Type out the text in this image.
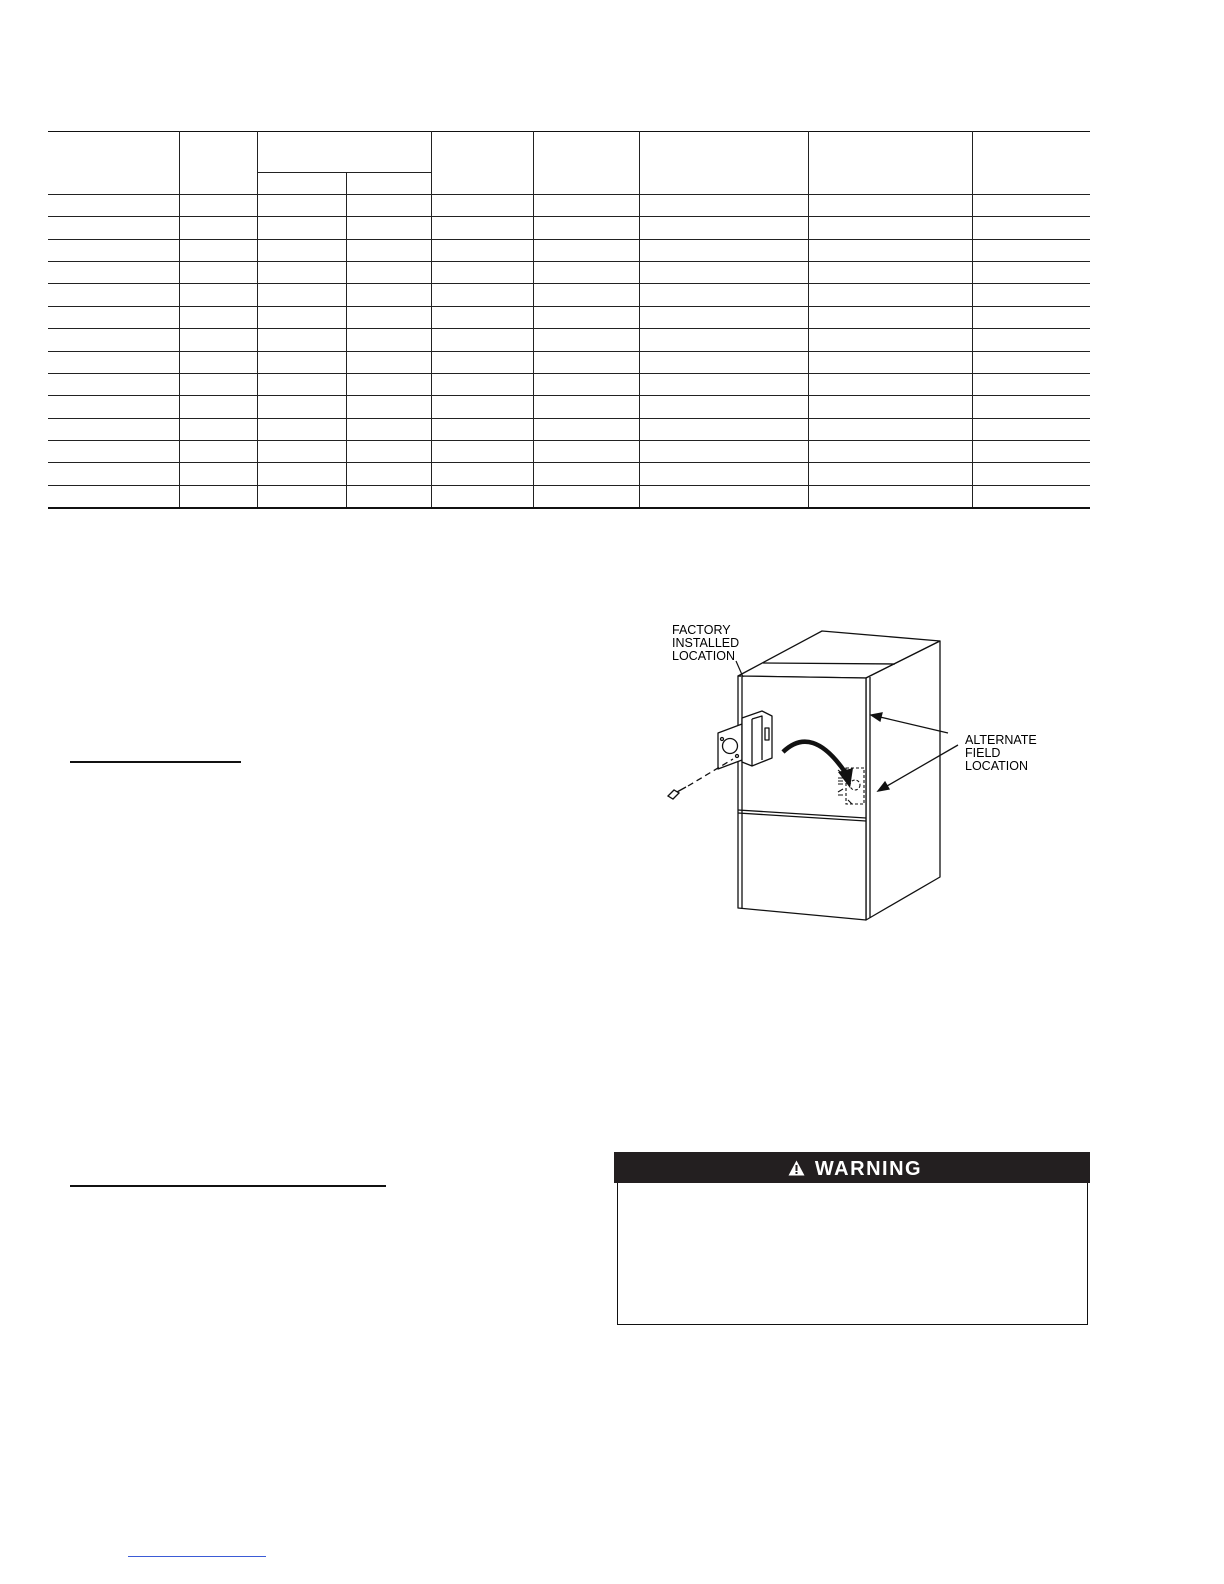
FACTORY INSTALLED LOCATION
ALTERNATE FIELD LOCATION
WARNING
